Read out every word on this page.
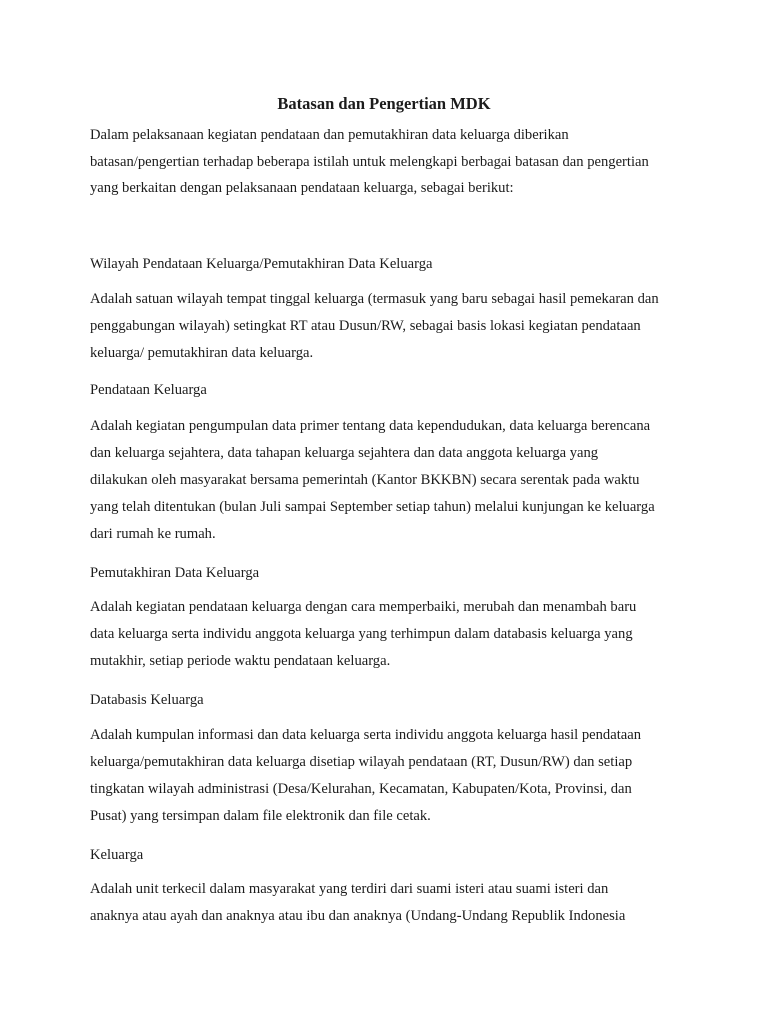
Batasan dan Pengertian MDK

Dalam pelaksanaan kegiatan pendataan dan pemutakhiran data keluarga diberikan
batasan/pengertian terhadap beberapa istilah untuk melengkapi berbagai batasan dan pengertian
yang berkaitan dengan pelaksanaan pendataan keluarga, sebagai berikut:

Wilayah Pendataan Keluarga/Pemutakhiran Data Keluarga

Adalah satuan wilayah tempat tinggal keluarga (termasuk yang baru sebagai hasil pemekaran dan
penggabungan wilayah) setingkat RT atau Dusun/RW, sebagai basis lokasi kegiatan pendataan
keluarga/ pemutakhiran data keluarga.

Pendataan Keluarga

Adalah kegiatan pengumpulan data primer tentang data kependudukan, data keluarga berencana
dan keluarga sejahtera, data tahapan keluarga sejahtera dan data anggota keluarga yang
dilakukan oleh masyarakat bersama pemerintah (Kantor BKKBN) secara serentak pada waktu
yang telah ditentukan (bulan Juli sampai September setiap tahun) melalui kunjungan ke keluarga
dari rumah ke rumah.

Pemutakhiran Data Keluarga

Adalah kegiatan pendataan keluarga dengan cara memperbaiki, merubah dan menambah baru
data keluarga serta individu anggota keluarga yang terhimpun dalam databasis keluarga yang
mutakhir, setiap periode waktu pendataan keluarga.

Databasis Keluarga

Adalah kumpulan informasi dan data keluarga serta individu anggota keluarga hasil pendataan
keluarga/pemutakhiran data keluarga disetiap wilayah pendataan (RT, Dusun/RW) dan setiap
tingkatan wilayah administrasi (Desa/Kelurahan, Kecamatan, Kabupaten/Kota, Provinsi, dan
Pusat) yang tersimpan dalam file elektronik dan file cetak.

Keluarga

Adalah unit terkecil dalam masyarakat yang terdiri dari suami isteri atau suami isteri dan
anaknya atau ayah dan anaknya atau ibu dan anaknya (Undang-Undang Republik Indonesia
